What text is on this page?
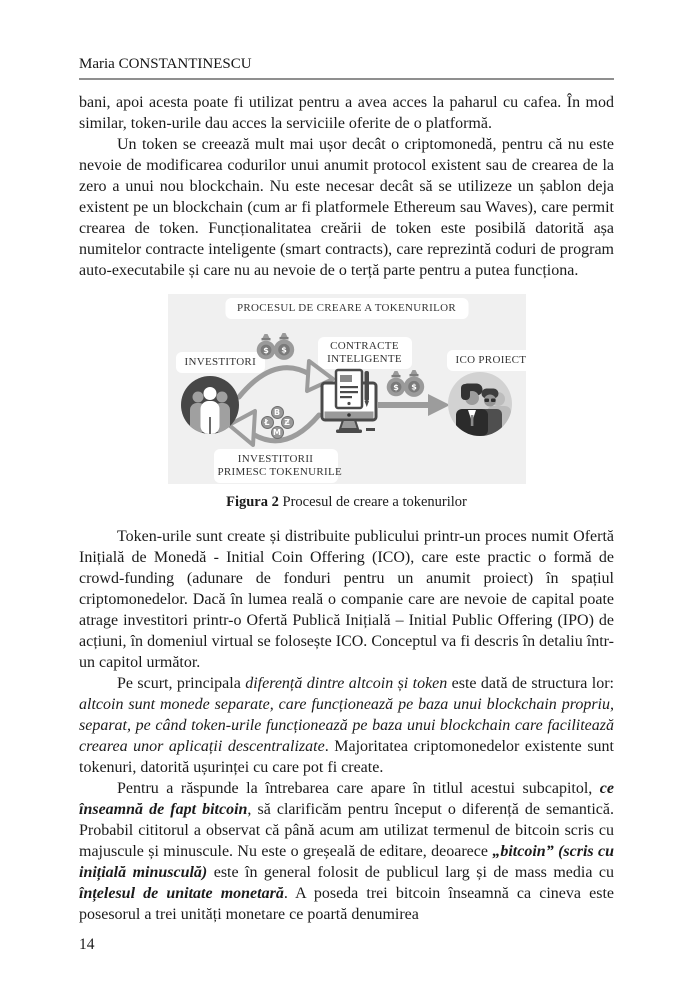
Maria CONSTANTINESCU

bani, apoi acesta poate fi utilizat pentru a avea acces la paharul cu cafea. În mod similar, token-urile dau acces la serviciile oferite de o platformă.

Un token se creează mult mai ușor decât o criptomonedă, pentru că nu este nevoie de modificarea codurilor unui anumit protocol existent sau de crearea de la zero a unui nou blockchain. Nu este necesar decât să se utilizeze un șablon deja existent pe un blockchain (cum ar fi platformele Ethereum sau Waves), care permit crearea de token. Funcționalitatea creării de token este posibilă datorită așa numitelor contracte inteligente (smart contracts), care reprezintă coduri de program auto-executabile și care nu au nevoie de o terță parte pentru a putea funcționa.

PROCESUL DE CREARE A TOKENURILOR
INVESTITORI
CONTRACTE
INTELIGENTE	ICO PROIECT
INVESTITORII
PRIMESC TOKENURILE
$ $
B
Ł	Ƶ
M
$ $
Figura 2 Procesul de creare a tokenurilor

Token-urile sunt create și distribuite publicului printr-un proces numit Ofertă Inițială de Monedă - Initial Coin Offering (ICO), care este practic o formă de crowd-funding (adunare de fonduri pentru un anumit proiect) în spațiul criptomonedelor. Dacă în lumea reală o companie care are nevoie de capital poate atrage investitori printr-o Ofertă Publică Inițială – Initial Public Offering (IPO) de acțiuni, în domeniul virtual se folosește ICO. Conceptul va fi descris în detaliu într-un capitol următor.

Pe scurt, principala diferență dintre altcoin și token este dată de structura lor: altcoin sunt monede separate, care funcționează pe baza unui blockchain propriu, separat, pe când token-urile funcționează pe baza unui blockchain care facilitează crearea unor aplicații descentralizate. Majoritatea criptomonedelor existente sunt tokenuri, datorită ușurinței cu care pot fi create.

Pentru a răspunde la întrebarea care apare în titlul acestui subcapitol, ce înseamnă de fapt bitcoin, să clarificăm pentru început o diferență de semantică. Probabil cititorul a observat că până acum am utilizat termenul de bitcoin scris cu majuscule și minuscule. Nu este o greșeală de editare, deoarece „bitcoin” (scris cu inițială minusculă) este în general folosit de publicul larg și de mass media cu înțelesul de unitate monetară. A poseda trei bitcoin înseamnă ca cineva este posesorul a trei unități monetare ce poartă denumirea

14
